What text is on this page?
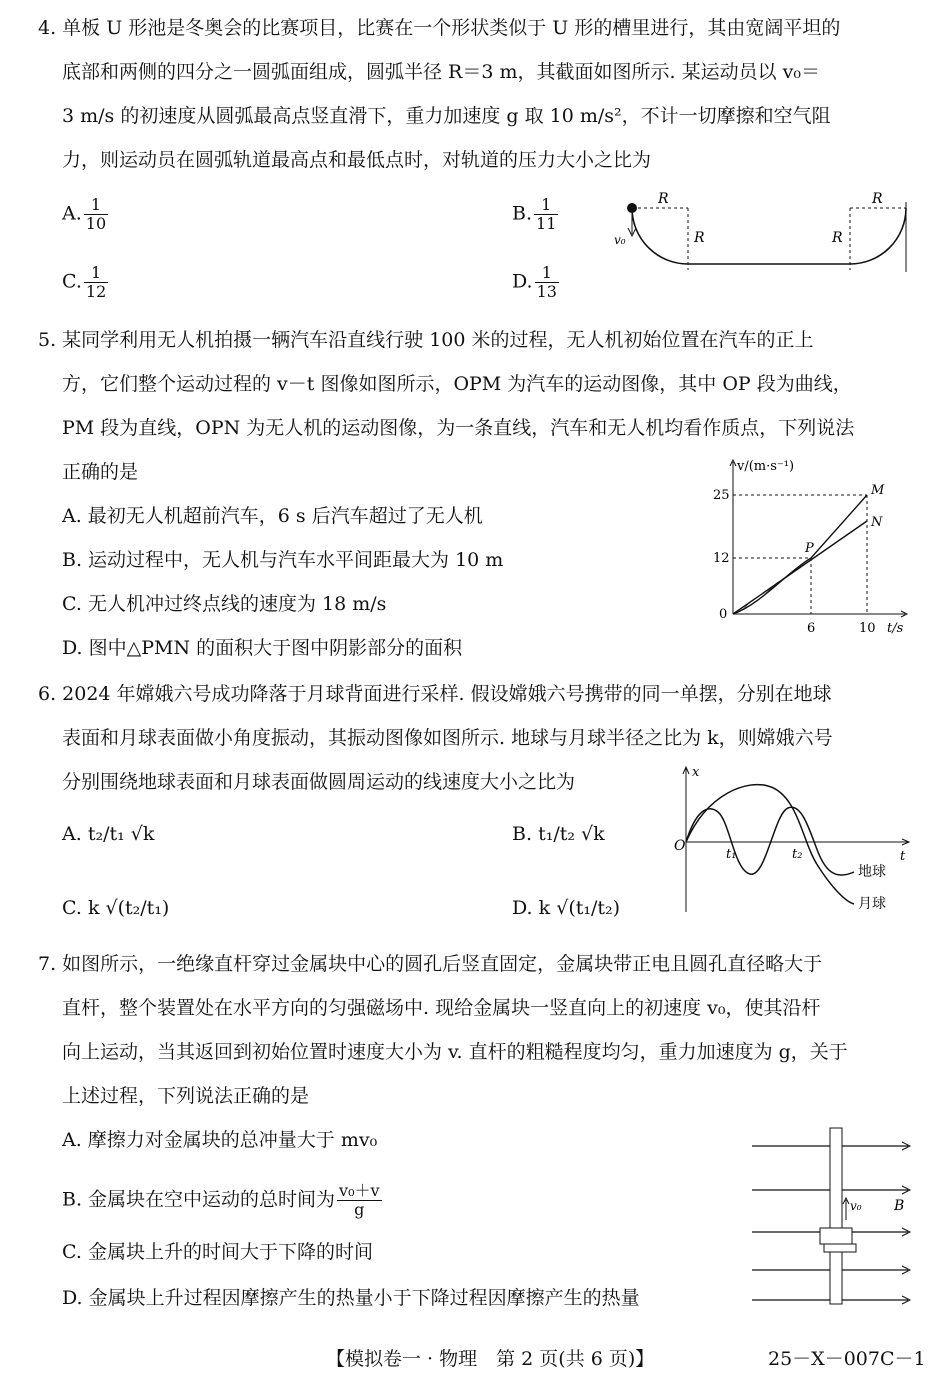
4. 单板 U 形池是冬奥会的比赛项目，比赛在一个形状类似于 U 形的槽里进行，其由宽阔平坦的
底部和两侧的四分之一圆弧面组成，圆弧半径 R＝3 m，其截面如图所示. 某运动员以 v₀＝
3 m/s 的初速度从圆弧最高点竖直滑下，重力加速度 g 取 10 m/s²，不计一切摩擦和空气阻
力，则运动员在圆弧轨道最高点和最低点时，对轨道的压力大小之比为
A. $\frac{1}{10}$	B. $\frac{1}{11}$
C. $\frac{1}{12}$	D. $\frac{1}{13}$
v₀
R
R	R
R
5. 某同学利用无人机拍摄一辆汽车沿直线行驶 100 米的过程，无人机初始位置在汽车的正上
方，它们整个运动过程的 v－t 图像如图所示，OPM 为汽车的运动图像，其中 OP 段为曲线，
PM 段为直线，OPN 为无人机的运动图像，为一条直线，汽车和无人机均看作质点，下列说法
正确的是
A. 最初无人机超前汽车，6 s 后汽车超过了无人机
B. 运动过程中，无人机与汽车水平间距最大为 10 m
C. 无人机冲过终点线的速度为 18 m/s
D. 图中△PMN 的面积大于图中阴影部分的面积
v/(m·s⁻¹)
25
12
0
6	10 t/s
P
M
N
6. 2024 年嫦娥六号成功降落于月球背面进行采样. 假设嫦娥六号携带的同一单摆，分别在地球
表面和月球表面做小角度振动，其振动图像如图所示. 地球与月球半径之比为 k，则嫦娥六号
分别围绕地球表面和月球表面做圆周运动的线速度大小之比为
A. t₂/t₁ √k	B. t₁/t₂ √k
C. k √(t₂/t₁)	D. k √(t₁/t₂)
O
x
t
t₁	t₂
地球
月球
7. 如图所示，一绝缘直杆穿过金属块中心的圆孔后竖直固定，金属块带正电且圆孔直径略大于
直杆，整个装置处在水平方向的匀强磁场中. 现给金属块一竖直向上的初速度 v₀，使其沿杆
向上运动，当其返回到初始位置时速度大小为 v. 直杆的粗糙程度均匀，重力加速度为 g，关于
上述过程，下列说法正确的是
A. 摩擦力对金属块的总冲量大于 mv₀
B. 金属块在空中运动的总时间为 $\frac{\text{v₀＋v}}{g}$
C. 金属块上升的时间大于下降的时间
D. 金属块上升过程因摩擦产生的热量小于下降过程因摩擦产生的热量
v₀ B
【模拟卷一 · 物理　第 2 页(共 6 页)】	25－X－007C－1
